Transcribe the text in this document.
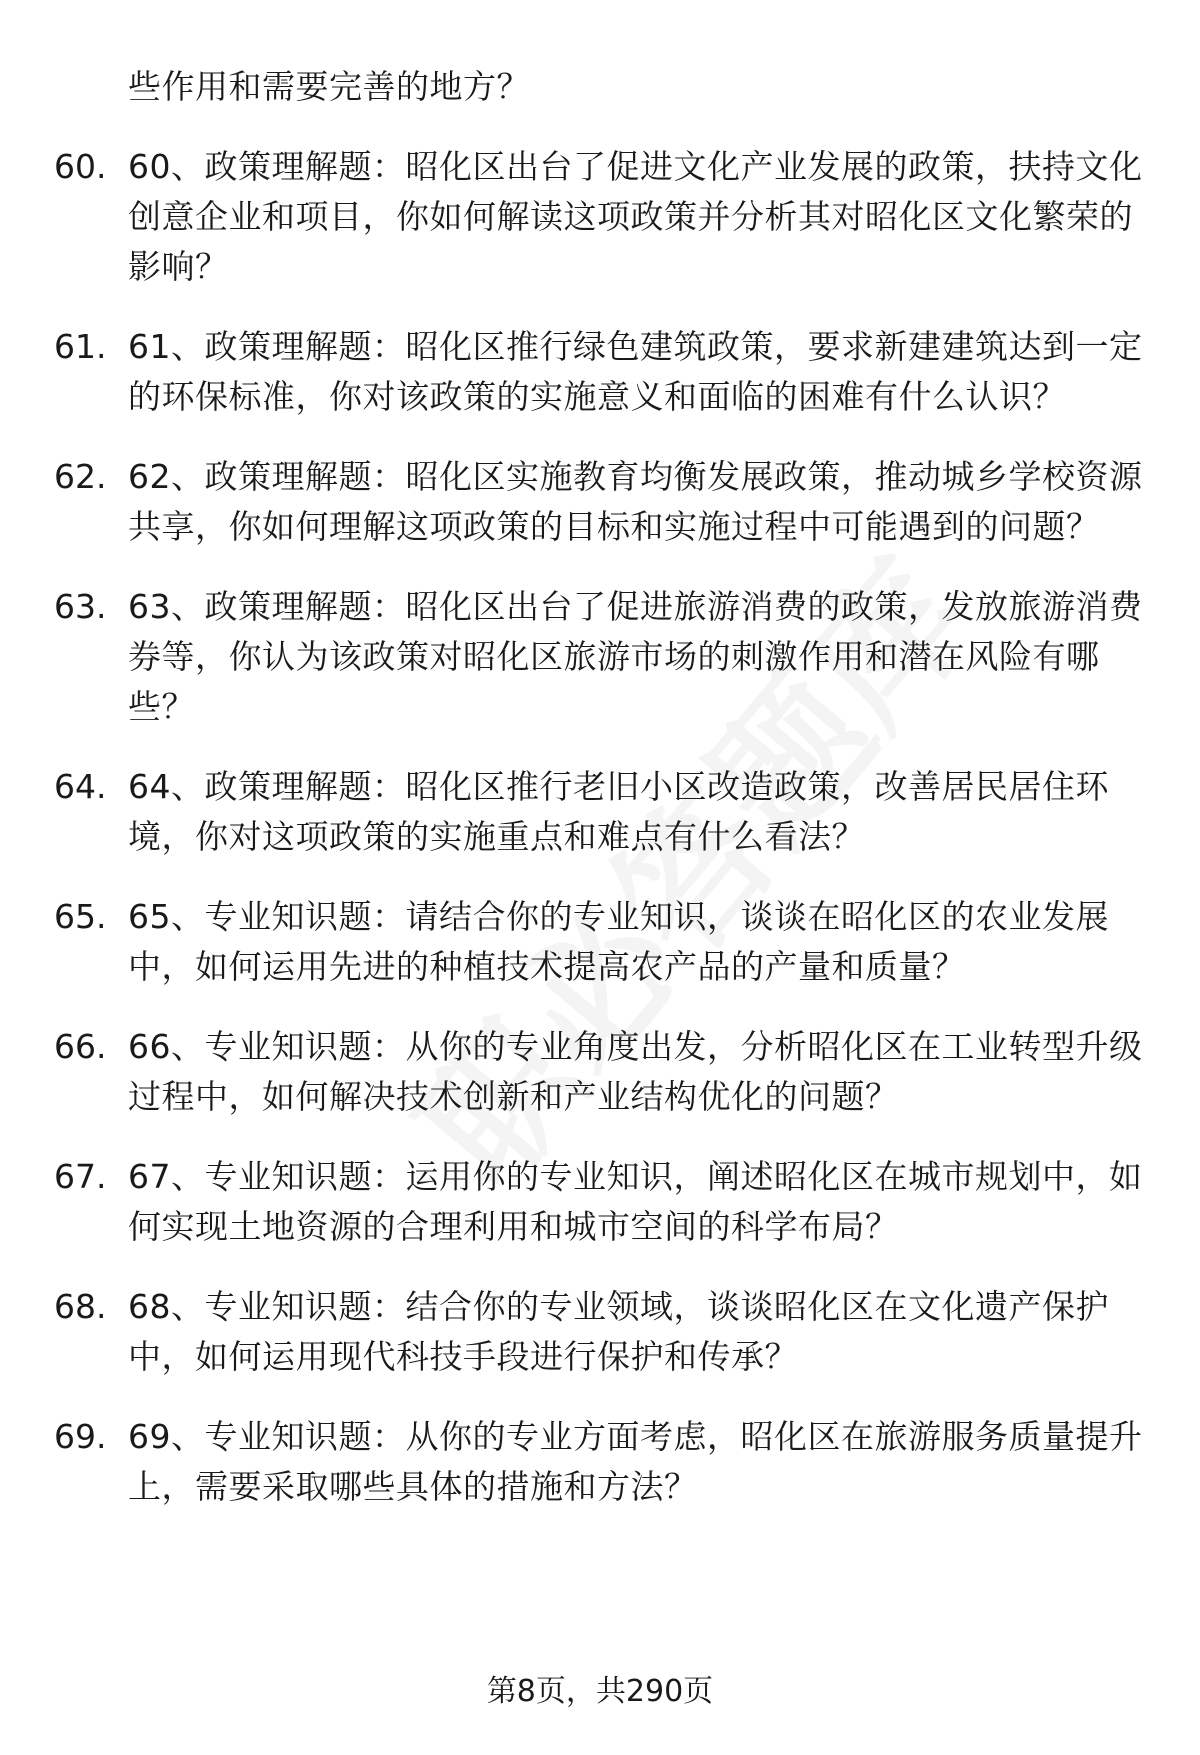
些作用和需要完善的地方？
60. 60、政策理解题：昭化区出台了促进文化产业发展的政策，扶持文化创意企业和项目，你如何解读这项政策并分析其对昭化区文化繁荣的影响？
61. 61、政策理解题：昭化区推行绿色建筑政策，要求新建建筑达到一定的环保标准，你对该政策的实施意义和面临的困难有什么认识？
62. 62、政策理解题：昭化区实施教育均衡发展政策，推动城乡学校资源共享，你如何理解这项政策的目标和实施过程中可能遇到的问题？
63. 63、政策理解题：昭化区出台了促进旅游消费的政策，发放旅游消费券等，你认为该政策对昭化区旅游市场的刺激作用和潜在风险有哪些？
64. 64、政策理解题：昭化区推行老旧小区改造政策，改善居民居住环境，你对这项政策的实施重点和难点有什么看法？
65. 65、专业知识题：请结合你的专业知识，谈谈在昭化区的农业发展中，如何运用先进的种植技术提高农产品的产量和质量？
66. 66、专业知识题：从你的专业角度出发，分析昭化区在工业转型升级过程中，如何解决技术创新和产业结构优化的问题？
67. 67、专业知识题：运用你的专业知识，阐述昭化区在城市规划中，如何实现土地资源的合理利用和城市空间的科学布局？
68. 68、专业知识题：结合你的专业领域，谈谈昭化区在文化遗产保护中，如何运用现代科技手段进行保护和传承？
69. 69、专业知识题：从你的专业方面考虑，昭化区在旅游服务质量提升上，需要采取哪些具体的措施和方法？
第8页，共290页
